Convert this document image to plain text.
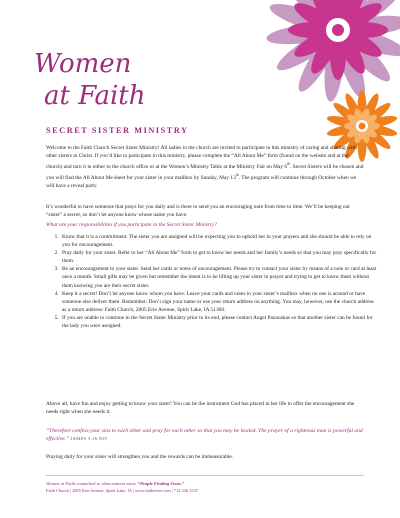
Women
at Faith
SECRET SISTER MINISTRY
Welcome to the Faith Church Secret Sister Ministry! All ladies in the church are invited to participate in this ministry of caring and sharing with other sisters in Christ. If you’d like to participate in this ministry, please complete the “All About Me” form (found on the website and at the church) and turn it in either to the church office or at the Women’s Ministry Table at the Ministry Fair on May 6th. Secret Sisters will be chosen and you will find the All About Me sheet for your sister in your mailbox by Sunday, May 13th. The program will continue through October when we will have a reveal party.
It’s wonderful to have someone that prays for you daily and is there to send you an encouraging note from time to time. We’ll be keeping our “sister” a secret, so don’t let anyone know whose name you have.
What are your responsibilities if you participate in the Secret Sister Ministry?
1. Know that it is a commitment. The sister you are assigned will be expecting you to uphold her in your prayers and she should be able to rely on you for encouragement.
2. Pray daily for your sister. Refer to her “All About Me” form to get to know her needs and her family’s needs so that you may pray specifically for them.
3. Be an encouragement to your sister. Send her cards or notes of encouragement. Please try to contact your sister by means of a note or card at least once a month. Small gifts may be given but remember the intent is to be lifting up your sister in prayer and trying to get to know them without them knowing you are their secret sister.
4. Keep it a secret! Don’t let anyone know whom you have. Leave your cards and notes in your sister’s mailbox when no one is around or have someone else deliver them. Remember: Don’t sign your name or use your return address on anything. You may, however, use the church address as a return address: Faith Church, 2805 Erie Avenue, Spirit Lake, IA 51360.
5. If you are unable to continue in the Secret Sister Ministry prior to its end, please contact Angel Pazouskas so that another sister can be found for the lady you were assigned.
Above all, have fun and enjoy getting to know your sister! You can be the instrument God has placed in her life to offer the encouragement she needs right when she needs it.
“Therefore confess your sins to each other and pray for each other so that you may be healed. The prayer of a righteous man is powerful and effective.” JAMES 5:16 NIV
Praying daily for your sister will strengthen you and the rewards can be immeasurable.
Women at Faith committed to what matters most: “People Finding Jesus.”
Faith Church | 2805 Erie Avenue, Spirit Lake, IA | www.faithefree.com | 712.336.1537
